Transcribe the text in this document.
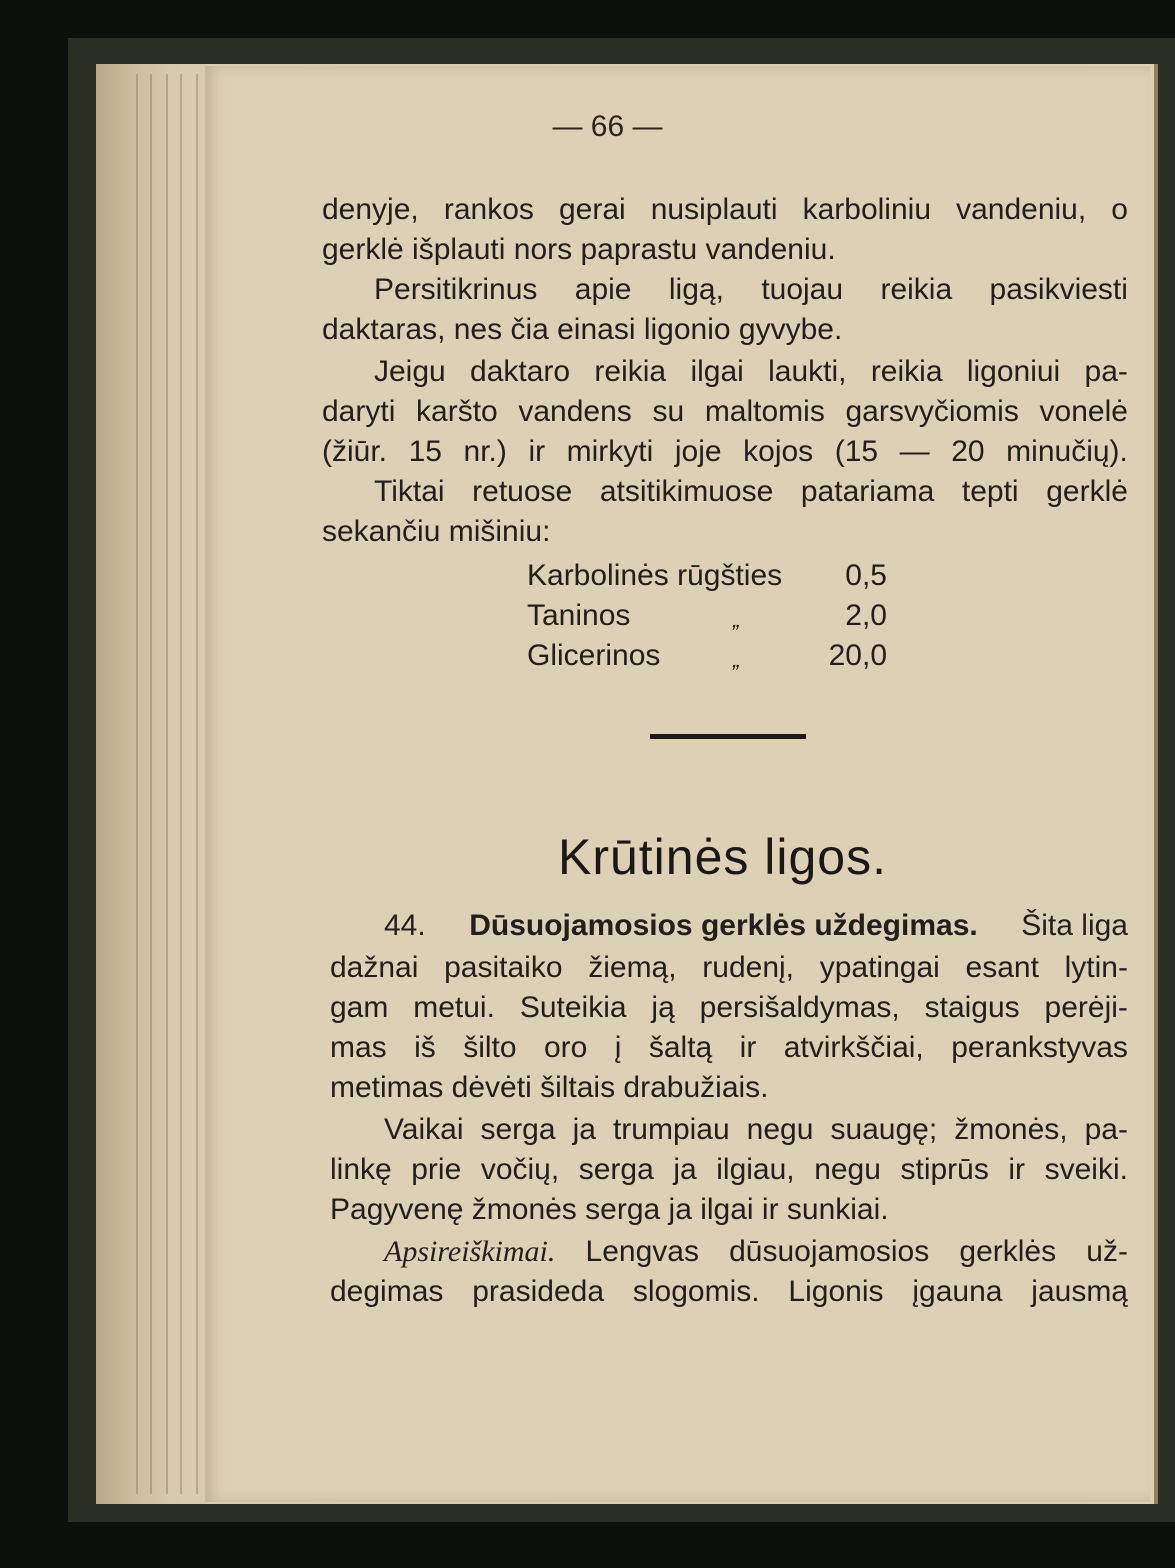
— 66 —
denyje, rankos gerai nusiplauti karboliniu vandeniu, o
gerklė išplauti nors paprastu vandeniu.
Persitikrinus apie ligą, tuojau reikia pasikviesti
daktaras, nes čia einasi ligonio gyvybe.
Jeigu daktaro reikia ilgai laukti, reikia ligoniui pa-
daryti karšto vandens su maltomis garsvyčiomis vonelė
(žiūr. 15 nr.) ir mirkyti joje kojos (15 — 20 minučių).
Tiktai retuose atsitikimuose patariama tepti gerklė
sekančiu mišiniu:
Karbolinės rūgšties 0,5
Taninos	„	2,0
Glicerinos	„	20,0
Krūtinės ligos.
44. Dūsuojamosios gerklės uždegimas. Šita liga
dažnai pasitaiko žiemą, rudenį, ypatingai esant lytin-
gam metui. Suteikia ją persišaldymas, staigus perėji-
mas iš šilto oro į šaltą ir atvirkščiai, perankstyvas
metimas dėvėti šiltais drabužiais.
Vaikai serga ja trumpiau negu suaugę; žmonės, pa-
linkę prie vočių, serga ja ilgiau, negu stiprūs ir sveiki.
Pagyvenę žmonės serga ja ilgai ir sunkiai.
Apsireiškimai. Lengvas dūsuojamosios gerklės už-
degimas prasideda slogomis. Ligonis įgauna jausmą
